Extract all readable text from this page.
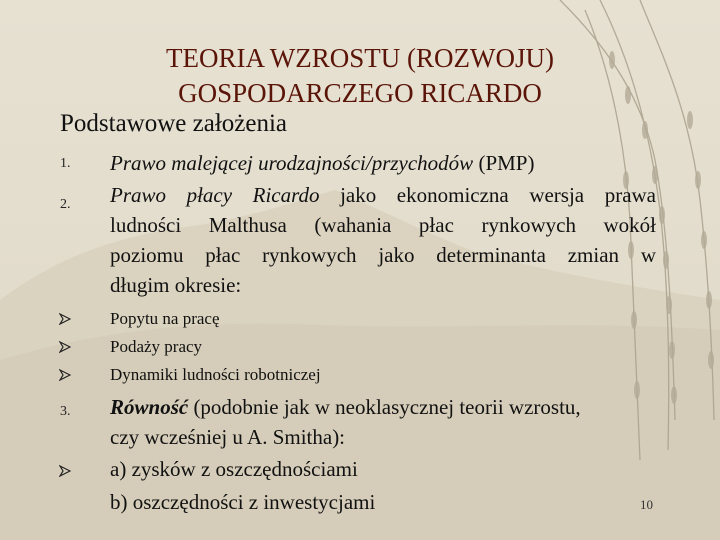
TEORIA WZROSTU (ROZWOJU)
GOSPODARCZEGO RICARDO
Podstawowe założenia
1. Prawo malejącej urodzajności/przychodów (PMP)
2. Prawo płacy Ricardo jako ekonomiczna wersja prawa
ludności Malthusa (wahania płac rynkowych wokół
poziomu płac rynkowych jako determinanta zmian w
długim okresie:
Popytu na pracę
Podaży pracy
Dynamiki ludności robotniczej
3. Równość (podobnie jak w neoklasycznej teorii wzrostu,
czy wcześniej u A. Smitha):
a) zysków z oszczędnościami
b) oszczędności z inwestycjami	10
